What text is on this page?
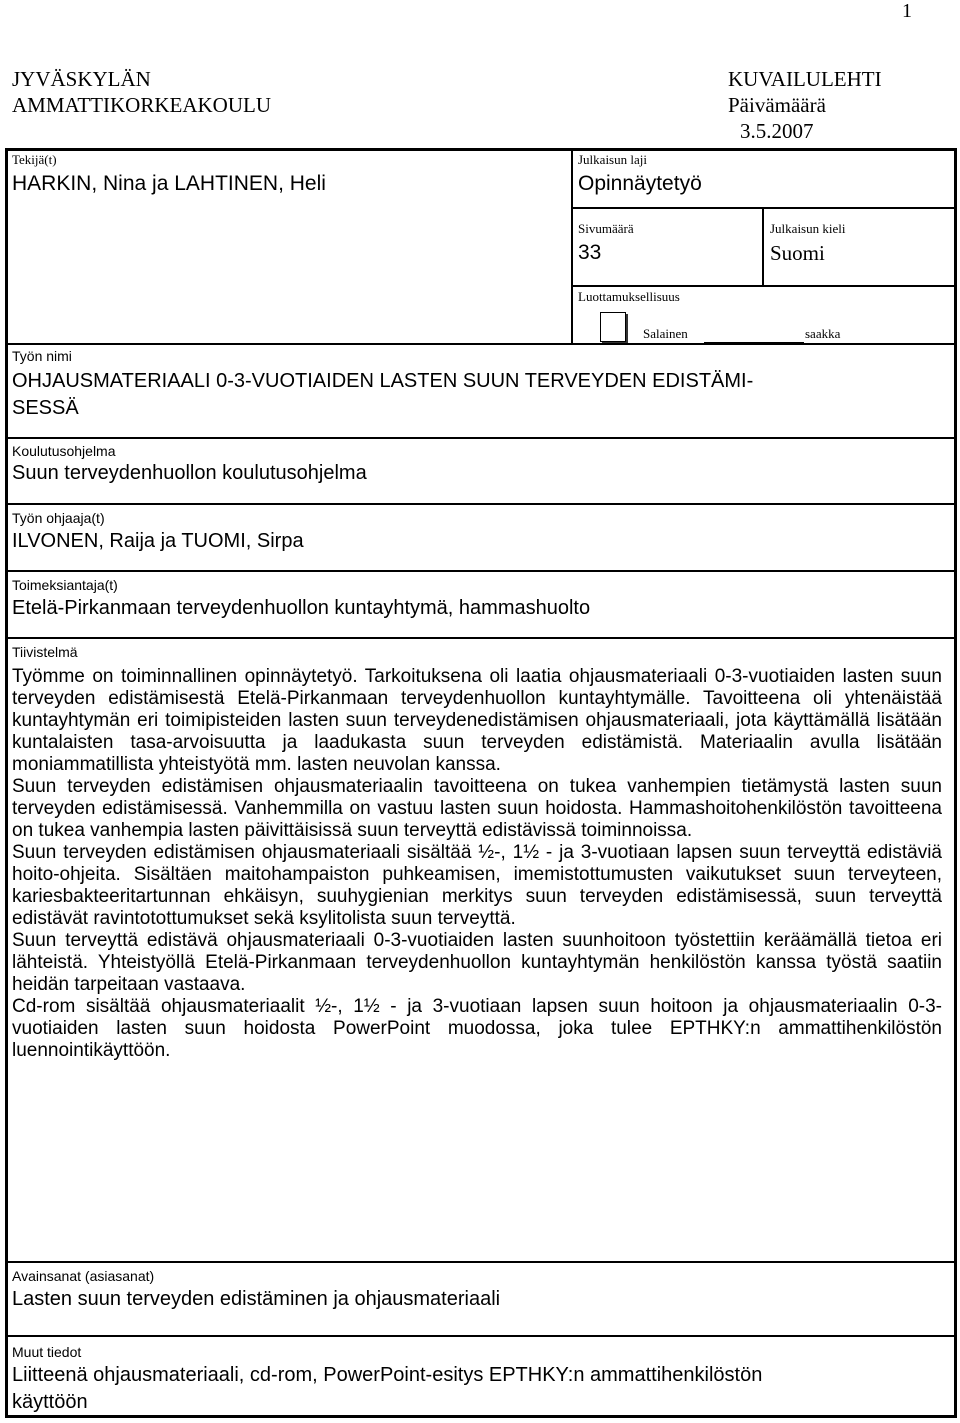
1
JYVÄSKYLÄN
AMMATTIKORKEAKOULU
KUVAILULEHTI
Päivämäärä
3.5.2007
Tekijä(t)
HARKIN, Nina ja LAHTINEN, Heli
Julkaisun laji
Opinnäytetyö
Sivumäärä
33
Julkaisun kieli
Suomi
Luottamuksellisuus
Salainen	saakka
Työn nimi
OHJAUSMATERIAALI 0-3-VUOTIAIDEN LASTEN SUUN TERVEYDEN EDISTÄMI-
SESSÄ
Koulutusohjelma
Suun terveydenhuollon koulutusohjelma
Työn ohjaaja(t)
ILVONEN, Raija ja TUOMI, Sirpa
Toimeksiantaja(t)
Etelä-Pirkanmaan terveydenhuollon kuntayhtymä, hammashuolto
Tiivistelmä

Työmme on toiminnallinen opinnäytetyö. Tarkoituksena oli laatia ohjausmateriaali 0-3-vuotiaiden lasten suun terveyden edistämisestä Etelä-Pirkanmaan terveydenhuollon kuntayhtymälle. Tavoitteena oli yhtenäistää kuntayhtymän eri toimipisteiden lasten suun terveydenedistämisen ohjausmateriaali, jota käyttämällä lisätään kuntalaisten tasa-arvoisuutta ja laadukasta suun terveyden edistämistä. Materiaalin avulla lisätään moniammatillista yhteistyötä mm. lasten neuvolan kanssa.

Suun terveyden edistämisen ohjausmateriaalin tavoitteena on tukea vanhempien tietämystä lasten suun terveyden edistämisessä. Vanhemmilla on vastuu lasten suun hoidosta. Hammashoitohenkilöstön tavoitteena on tukea vanhempia lasten päivittäisissä suun terveyttä edistävissä toiminnoissa.

Suun terveyden edistämisen ohjausmateriaali sisältää ½-, 1½ - ja 3-vuotiaan lapsen suun terveyttä edistäviä hoito-ohjeita. Sisältäen maitohampaiston puhkeamisen, imemistottumusten vaikutukset suun terveyteen, kariesbakteeritartunnan ehkäisyn, suuhygienian merkitys suun terveyden edistämisessä, suun terveyttä edistävät ravintotottumukset sekä ksylitolista suun terveyttä.

Suun terveyttä edistävä ohjausmateriaali 0-3-vuotiaiden lasten suunhoitoon työstettiin keräämällä tietoa eri lähteistä. Yhteistyöllä Etelä-Pirkanmaan terveydenhuollon kuntayhtymän henkilöstön kanssa työstä saatiin heidän tarpeitaan vastaava.

Cd-rom sisältää ohjausmateriaalit ½-, 1½ - ja 3-vuotiaan lapsen suun hoitoon ja ohjausmateriaalin 0-3-vuotiaiden lasten suun hoidosta PowerPoint muodossa, joka tulee EPTHKY:n ammattihenkilöstön luennointikäyttöön.

Avainsanat (asiasanat)
Lasten suun terveyden edistäminen ja ohjausmateriaali
Muut tiedot
Liitteenä ohjausmateriaali, cd-rom, PowerPoint-esitys EPTHKY:n ammattihenkilöstön
käyttöön
